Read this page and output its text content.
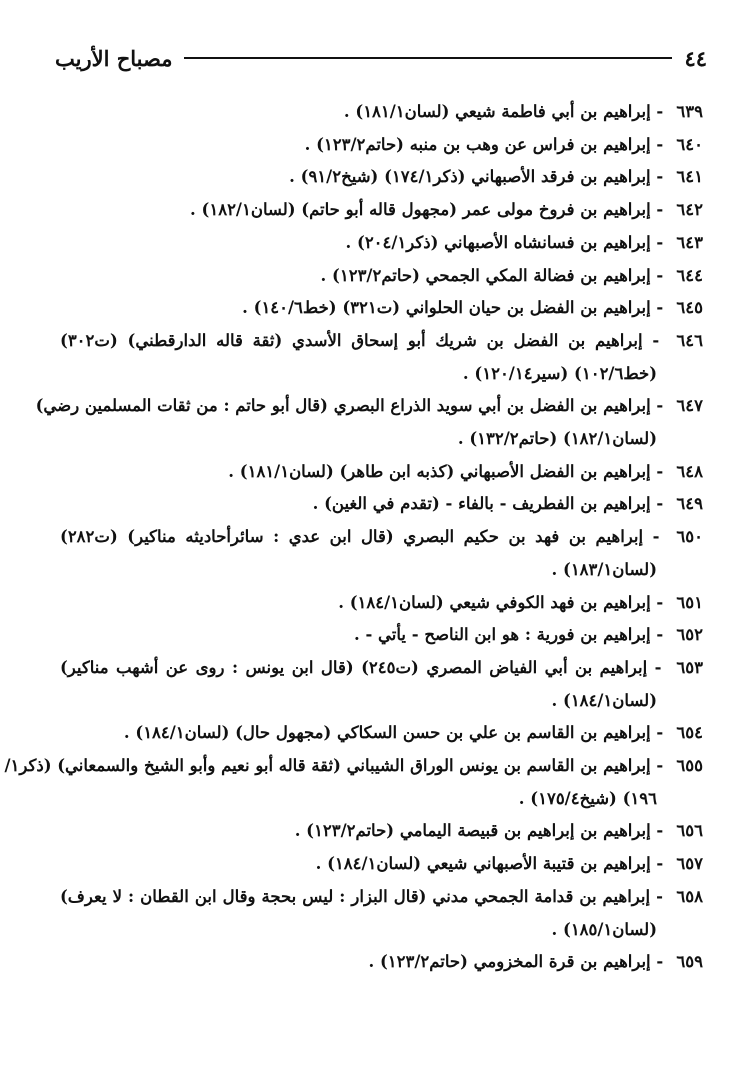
٤٤
مصباح الأريب
٦٣٩ - إبراهيم بن أبي فاطمة شيعي (لسان١٨١/١) .
٦٤٠ - إبراهيم بن فراس عن وهب بن منبه (حاتم١٢٣/٢) .
٦٤١ - إبراهيم بن فرقد الأصبهاني (ذكر١٧٤/١) (شيخ٩١/٢) .
٦٤٢ - إبراهيم بن فروخ مولى عمر (مجهول قاله أبو حاتم) (لسان١٨٢/١) .
٦٤٣ - إبراهيم بن فسانشاه الأصبهاني (ذكر٢٠٤/١) .
٦٤٤ - إبراهيم بن فضالة المكي الجمحي (حاتم١٢٣/٢) .
٦٤٥ - إبراهيم بن الفضل بن حيان الحلواني (ت٣٢١) (خط١٤٠/٦) .
٦٤٦ - إبراهيم بن الفضل بن شريك أبو إسحاق الأسدي (ثقة قاله الدارقطني) (ت٣٠٢)
(خط١٠٢/٦) (سير١٢٠/١٤) .
٦٤٧ - إبراهيم بن الفضل بن أبي سويد الذراع البصري (قال أبو حاتم : من ثقات المسلمين رضي)
(لسان١٨٢/١) (حاتم١٣٢/٢) .
٦٤٨ - إبراهيم بن الفضل الأصبهاني (كذبه ابن طاهر) (لسان١٨١/١) .
٦٤٩ - إبراهيم بن الفطريف - بالفاء - (تقدم في الغين) .
٦٥٠ - إبراهيم بن فهد بن حكيم البصري (قال ابن عدي : سائرأحاديثه مناكير) (ت٢٨٢)
(لسان١٨٣/١) .
٦٥١ - إبراهيم بن فهد الكوفي شيعي (لسان١٨٤/١) .
٦٥٢ - إبراهيم بن فورية : هو ابن الناصح - يأتي - .
٦٥٣ - إبراهيم بن أبي الفياض المصري (ت٢٤٥) (قال ابن يونس : روى عن أشهب مناكير)
(لسان١٨٤/١) .
٦٥٤ - إبراهيم بن القاسم بن علي بن حسن السكاكي (مجهول حال) (لسان١٨٤/١) .
٦٥٥ - إبراهيم بن القاسم بن يونس الوراق الشيباني (ثقة قاله أبو نعيم وأبو الشيخ والسمعاني) (ذكر١/
١٩٦) (شيخ١٧٥/٤) .
٦٥٦ - إبراهيم بن إبراهيم بن قبيصة اليمامي (حاتم١٢٣/٢) .
٦٥٧ - إبراهيم بن قتيبة الأصبهاني شيعي (لسان١٨٤/١) .
٦٥٨ - إبراهيم بن قدامة الجمحي مدني (قال البزار : ليس بحجة وقال ابن القطان : لا يعرف)
(لسان١٨٥/١) .
٦٥٩ - إبراهيم بن قرة المخزومي (حاتم١٢٣/٢) .
